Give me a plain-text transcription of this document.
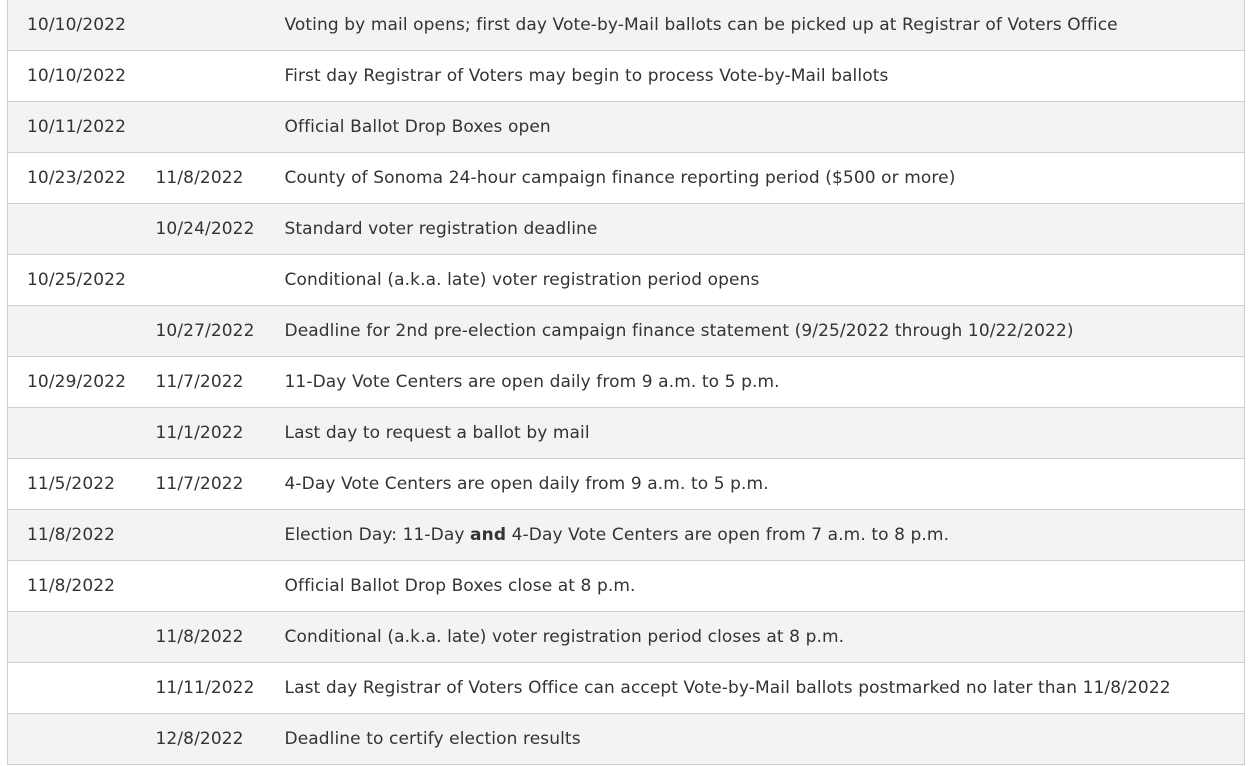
10/10/2022		Voting by mail opens; first day Vote-by-Mail ballots can be picked up at Registrar of Voters Office
10/10/2022		First day Registrar of Voters may begin to process Vote-by-Mail ballots
10/11/2022		Official Ballot Drop Boxes open
10/23/2022	11/8/2022	County of Sonoma 24-hour campaign finance reporting period ($500 or more)
	10/24/2022	Standard voter registration deadline
10/25/2022		Conditional (a.k.a. late) voter registration period opens
	10/27/2022	Deadline for 2nd pre-election campaign finance statement (9/25/2022 through 10/22/2022)
10/29/2022	11/7/2022	11-Day Vote Centers are open daily from 9 a.m. to 5 p.m.
	11/1/2022	Last day to request a ballot by mail
11/5/2022	11/7/2022	4-Day Vote Centers are open daily from 9 a.m. to 5 p.m.
11/8/2022		Election Day: 11-Day and 4-Day Vote Centers are open from 7 a.m. to 8 p.m.
11/8/2022		Official Ballot Drop Boxes close at 8 p.m.
	11/8/2022	Conditional (a.k.a. late) voter registration period closes at 8 p.m.
	11/11/2022	Last day Registrar of Voters Office can accept Vote-by-Mail ballots postmarked no later than 11/8/2022
	12/8/2022	Deadline to certify election results
